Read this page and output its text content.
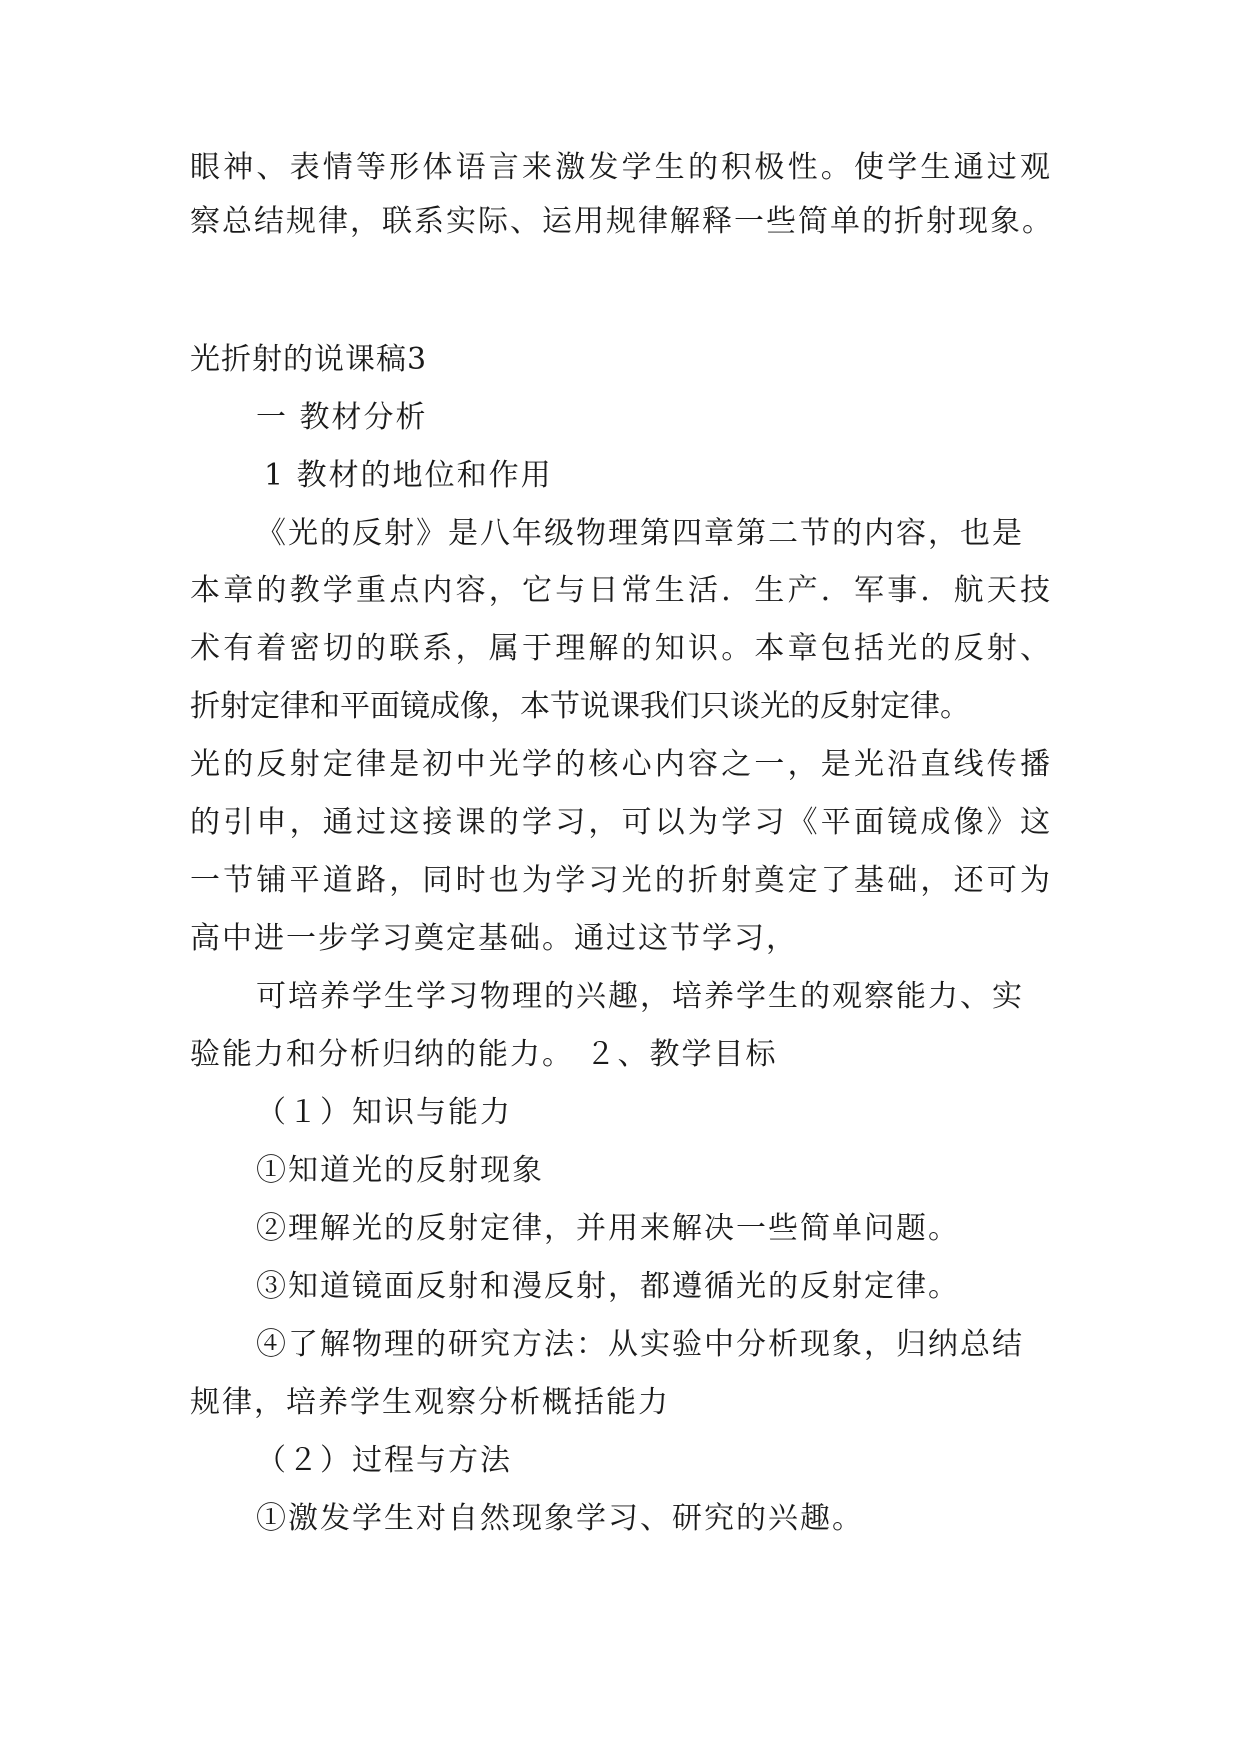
眼神、表情等形体语言来激发学生的积极性。使学生通过观
察总结规律，联系实际、运用规律解释一些简单的折射现象。
光折射的说课稿3
一 教材分析
1 教材的地位和作用
《光的反射》是八年级物理第四章第二节的内容，也是
本章的教学重点内容，它与日常生活．生产．军事．航天技
术有着密切的联系，属于理解的知识。本章包括光的反射、
折射定律和平面镜成像，本节说课我们只谈光的反射定律。
光的反射定律是初中光学的核心内容之一，是光沿直线传播
的引申，通过这接课的学习，可以为学习《平面镜成像》这
一节铺平道路，同时也为学习光的折射奠定了基础，还可为
高中进一步学习奠定基础。通过这节学习，
可培养学生学习物理的兴趣，培养学生的观察能力、实
验能力和分析归纳的能力。 ２、教学目标
（１）知识与能力
①知道光的反射现象
②理解光的反射定律，并用来解决一些简单问题。
③知道镜面反射和漫反射，都遵循光的反射定律。
④了解物理的研究方法：从实验中分析现象，归纳总结
规律，培养学生观察分析概括能力
（２）过程与方法
①激发学生对自然现象学习、研究的兴趣。
